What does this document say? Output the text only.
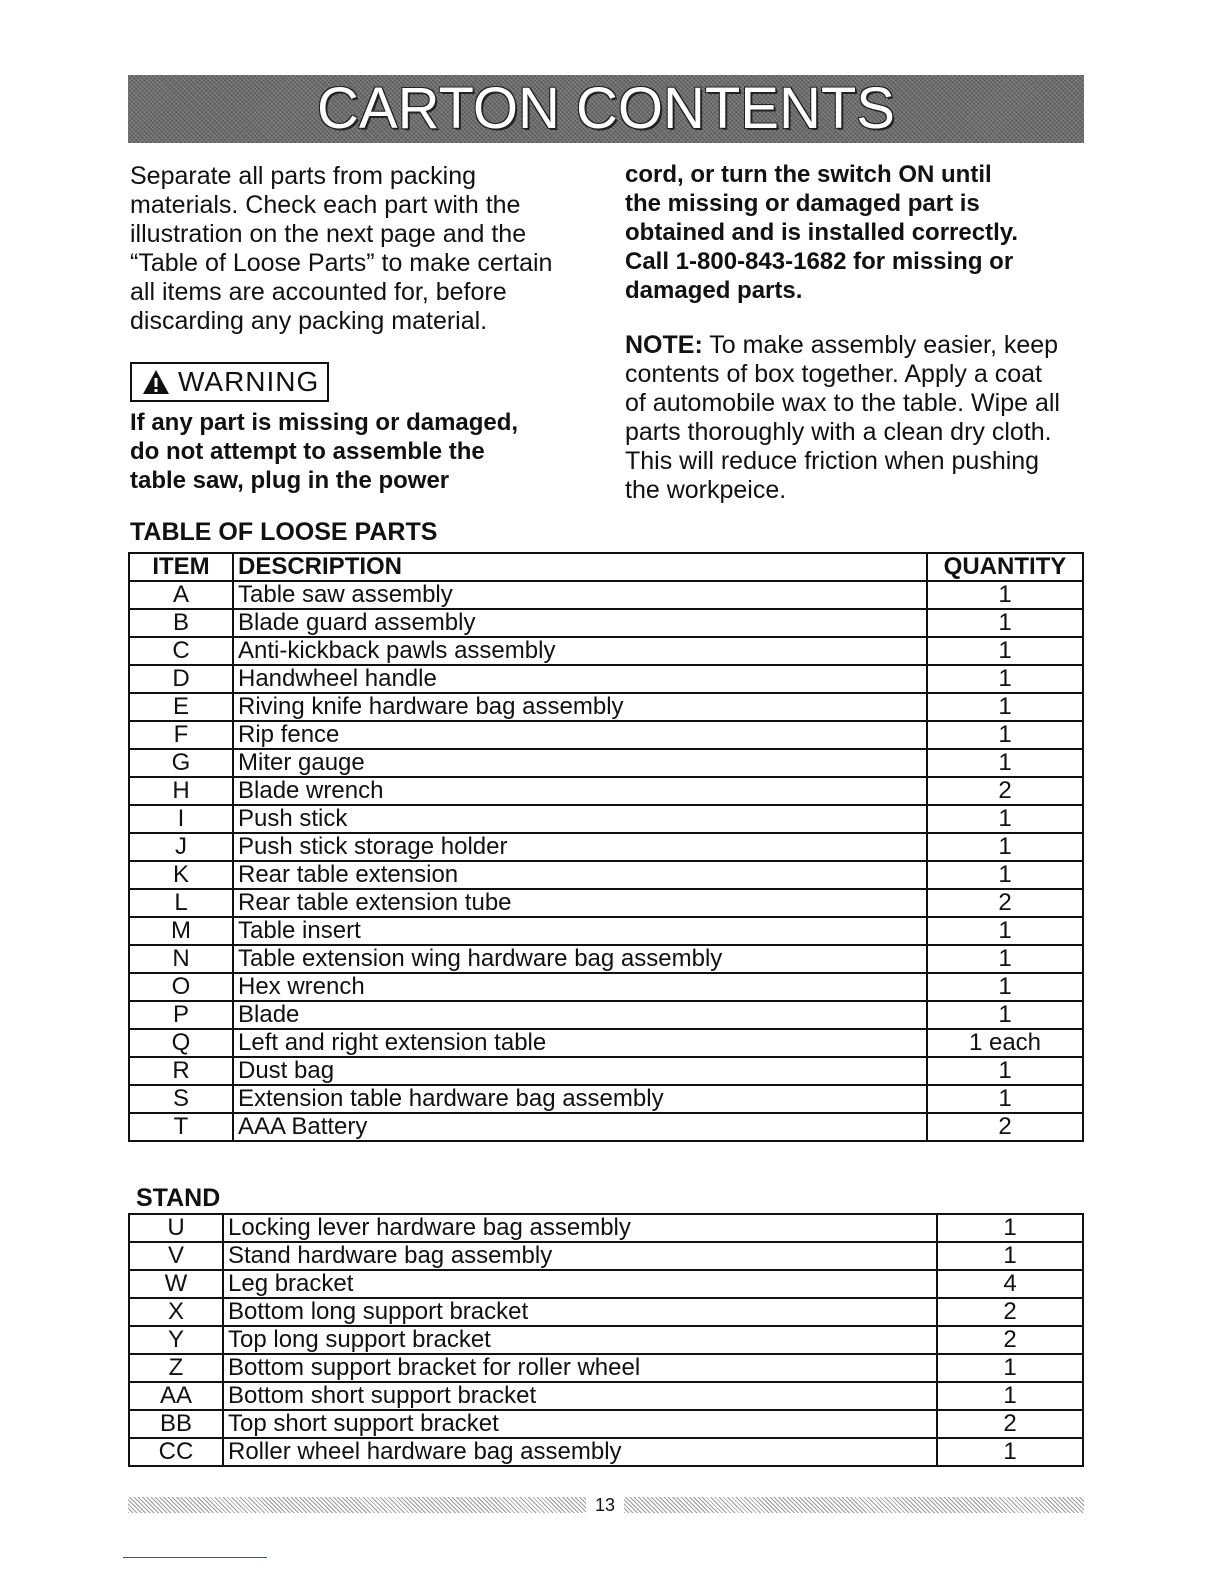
CARTON CONTENTS

Separate all parts from packing
materials. Check each part with the
illustration on the next page and the
“Table of Loose Parts” to make certain
all items are accounted for, before
discarding any packing material.

WARNING

If any part is missing or damaged,
do not attempt to assemble the
table saw, plug in the power

cord, or turn the switch ON until
the missing or damaged part is
obtained and is installed correctly.
Call 1-800-843-1682 for missing or
damaged parts.

NOTE: To make assembly easier, keep
contents of box together. Apply a coat
of automobile wax to the table. Wipe all
parts thoroughly with a clean dry cloth.
This will reduce friction when pushing
the workpeice.

TABLE OF LOOSE PARTS
ITEM	DESCRIPTION	QUANTITY
A	Table saw assembly	1
B	Blade guard assembly	1
C	Anti-kickback pawls assembly	1
D	Handwheel handle	1
E	Riving knife hardware bag assembly	1
F	Rip fence	1
G	Miter gauge	1
H	Blade wrench	2
I	Push stick	1
J	Push stick storage holder	1
K	Rear table extension	1
L	Rear table extension tube	2
M	Table insert	1
N	Table extension wing hardware bag assembly	1
O	Hex wrench	1
P	Blade	1
Q	Left and right extension table	1 each
R	Dust bag	1
S	Extension table hardware bag assembly	1
T	AAA Battery	2
STAND
U	Locking lever hardware bag assembly	1
V	Stand hardware bag assembly	1
W	Leg bracket	4
X	Bottom long support bracket	2
Y	Top long support bracket	2
Z	Bottom support bracket for roller wheel	1
AA	Bottom short support bracket	1
BB	Top short support bracket	2
CC	Roller wheel hardware bag assembly	1
13
